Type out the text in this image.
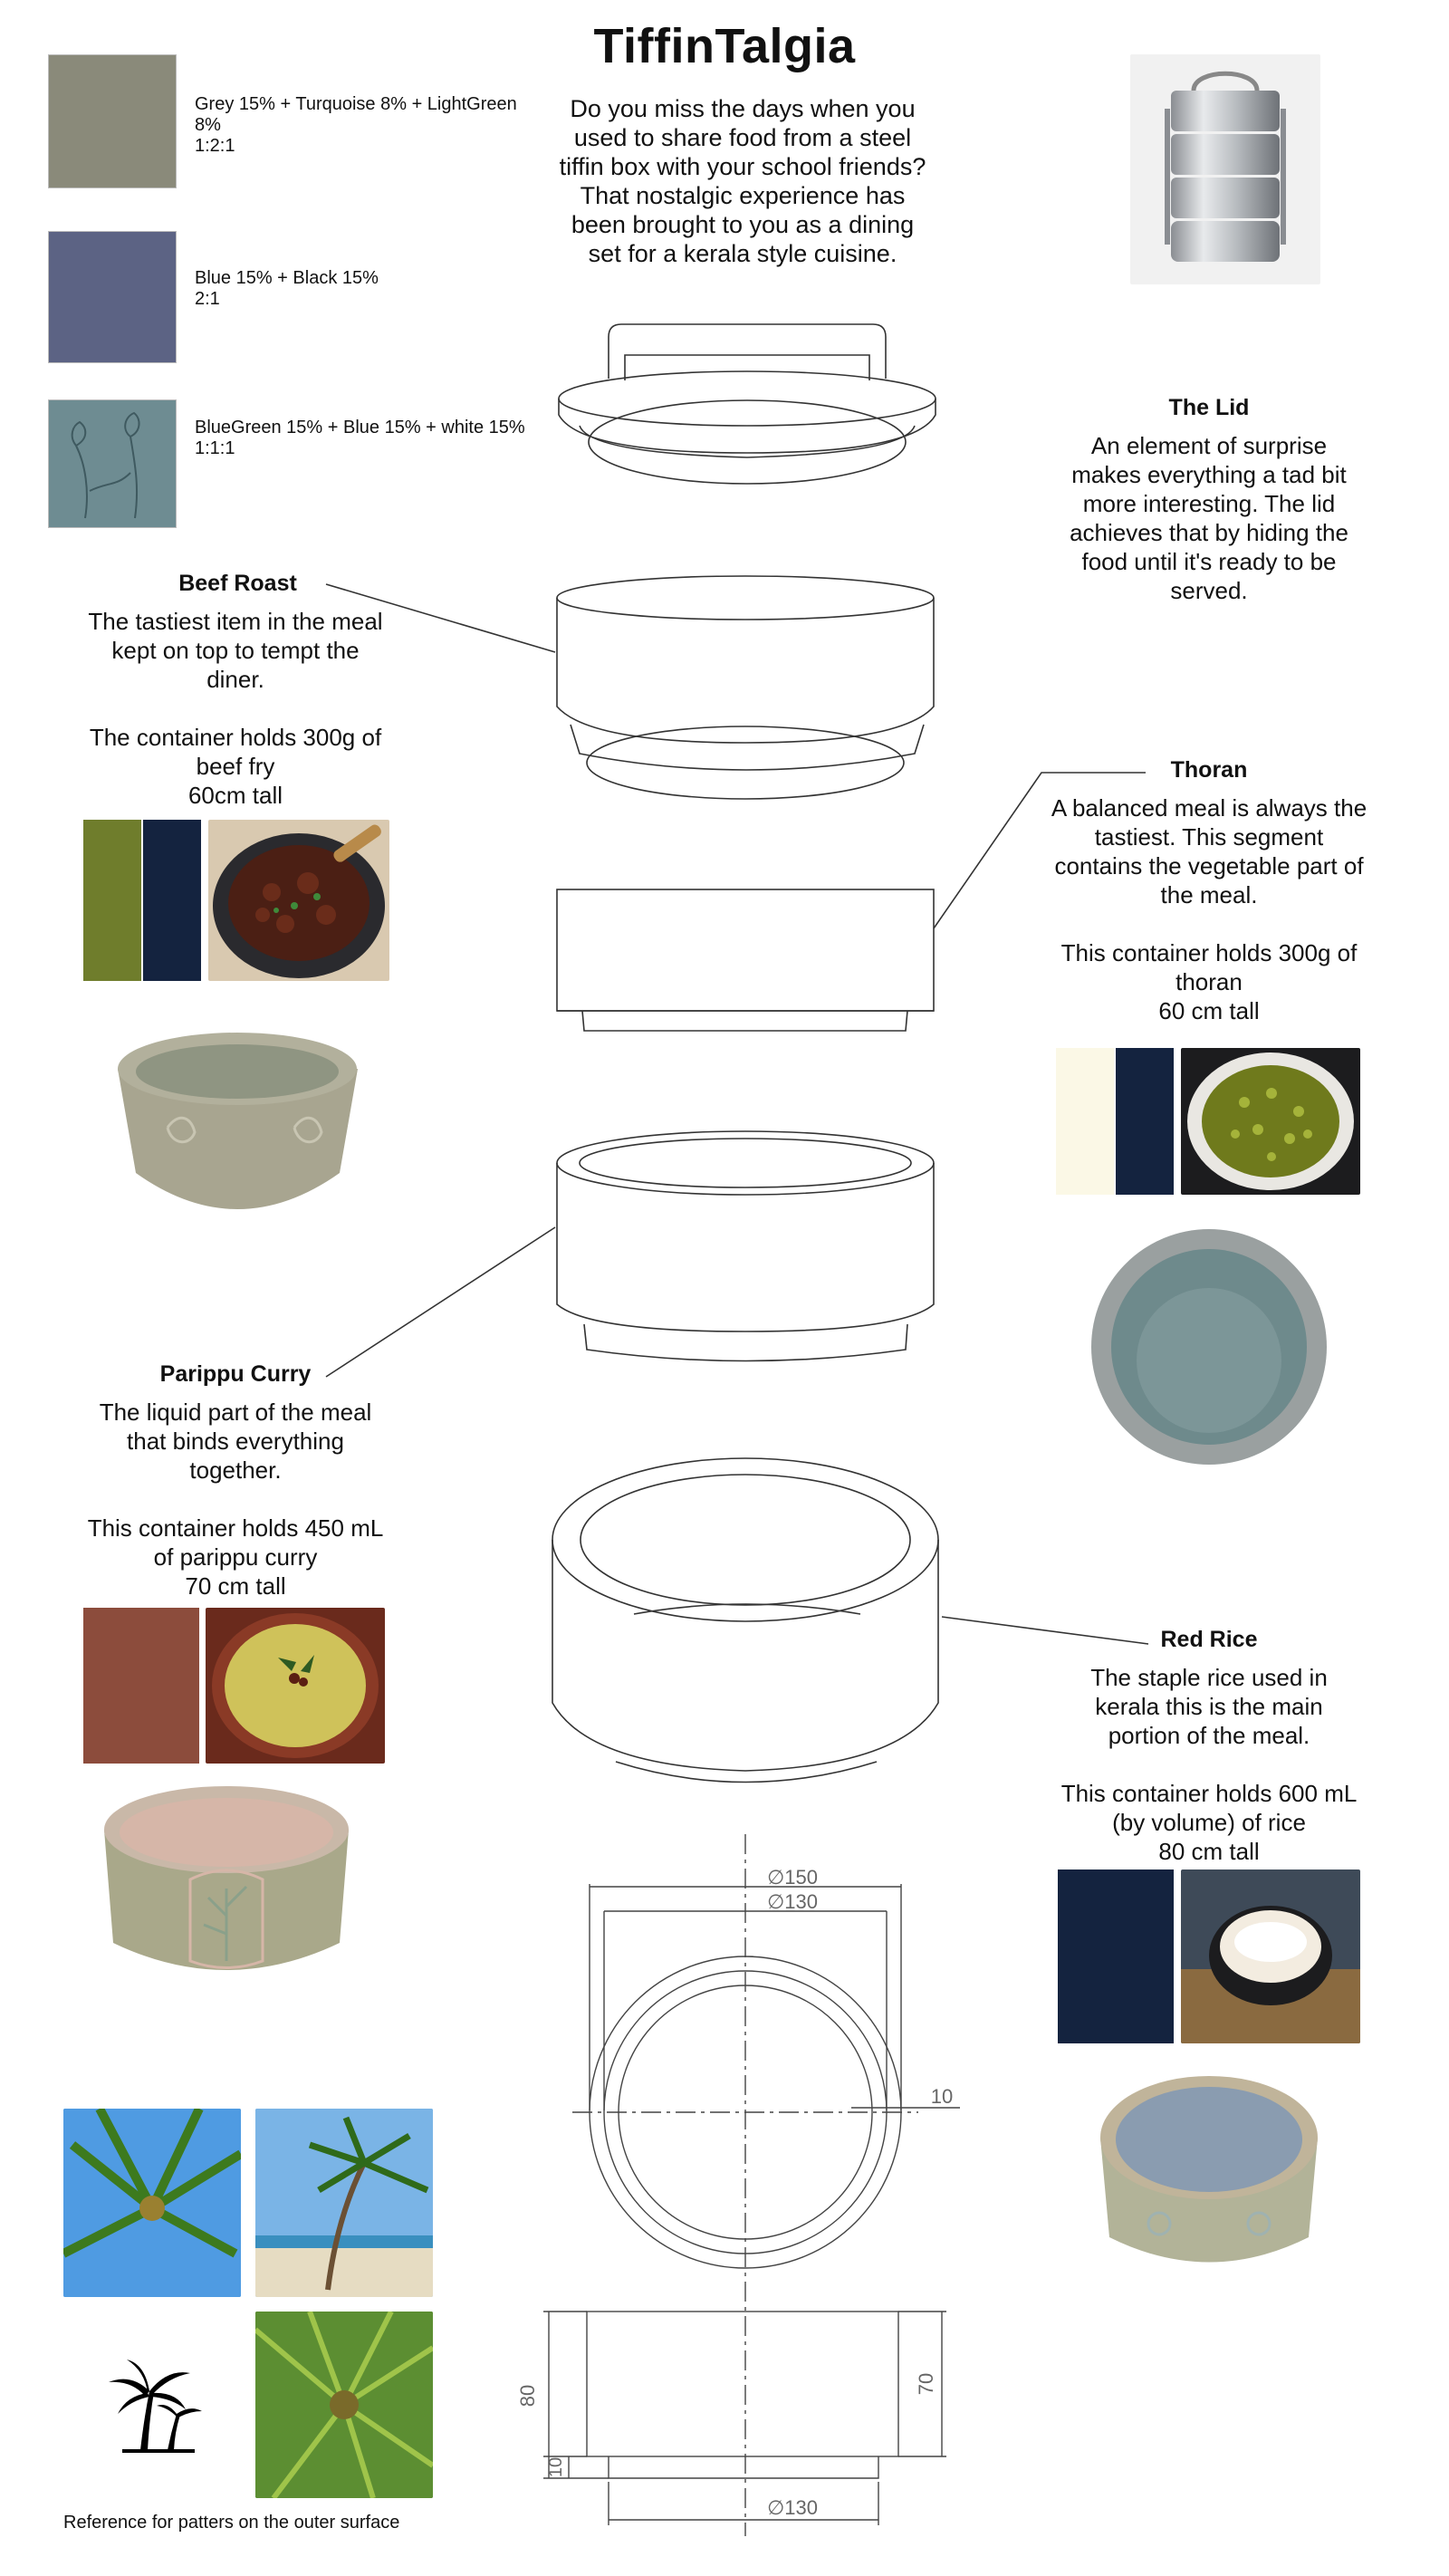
TiffinTalgia
Do you miss the days when you used to share food from a steel tiffin box with your school friends? That nostalgic experience has been brought to you as a dining set for a kerala style cuisine.
Grey 15% + Turquoise 8% + LightGreen 8%
1:2:1
Blue 15% + Black 15%
2:1
BlueGreen 15% + Blue 15% + white 15%
1:1:1
The Lid
An element of surprise makes everything a tad bit more interesting. The lid achieves that by hiding the food until it's ready to be served.
Beef Roast
The tastiest item in the meal kept on top to tempt the diner.
The container holds 300g of beef fry
60cm tall
Thoran
A balanced meal is always the tastiest. This segment contains the vegetable part of the meal.
This container holds 300g of thoran
60 cm tall
Parippu Curry
The liquid part of the meal that binds everything together.
This container holds 450 mL of parippu curry
70 cm tall
Red Rice
The staple rice used in kerala this is the main portion of the meal.
This container holds 600 mL (by volume) of rice
80 cm tall
Reference for patters on the outer surface
∅150
∅130
10
80
70
10
∅130
